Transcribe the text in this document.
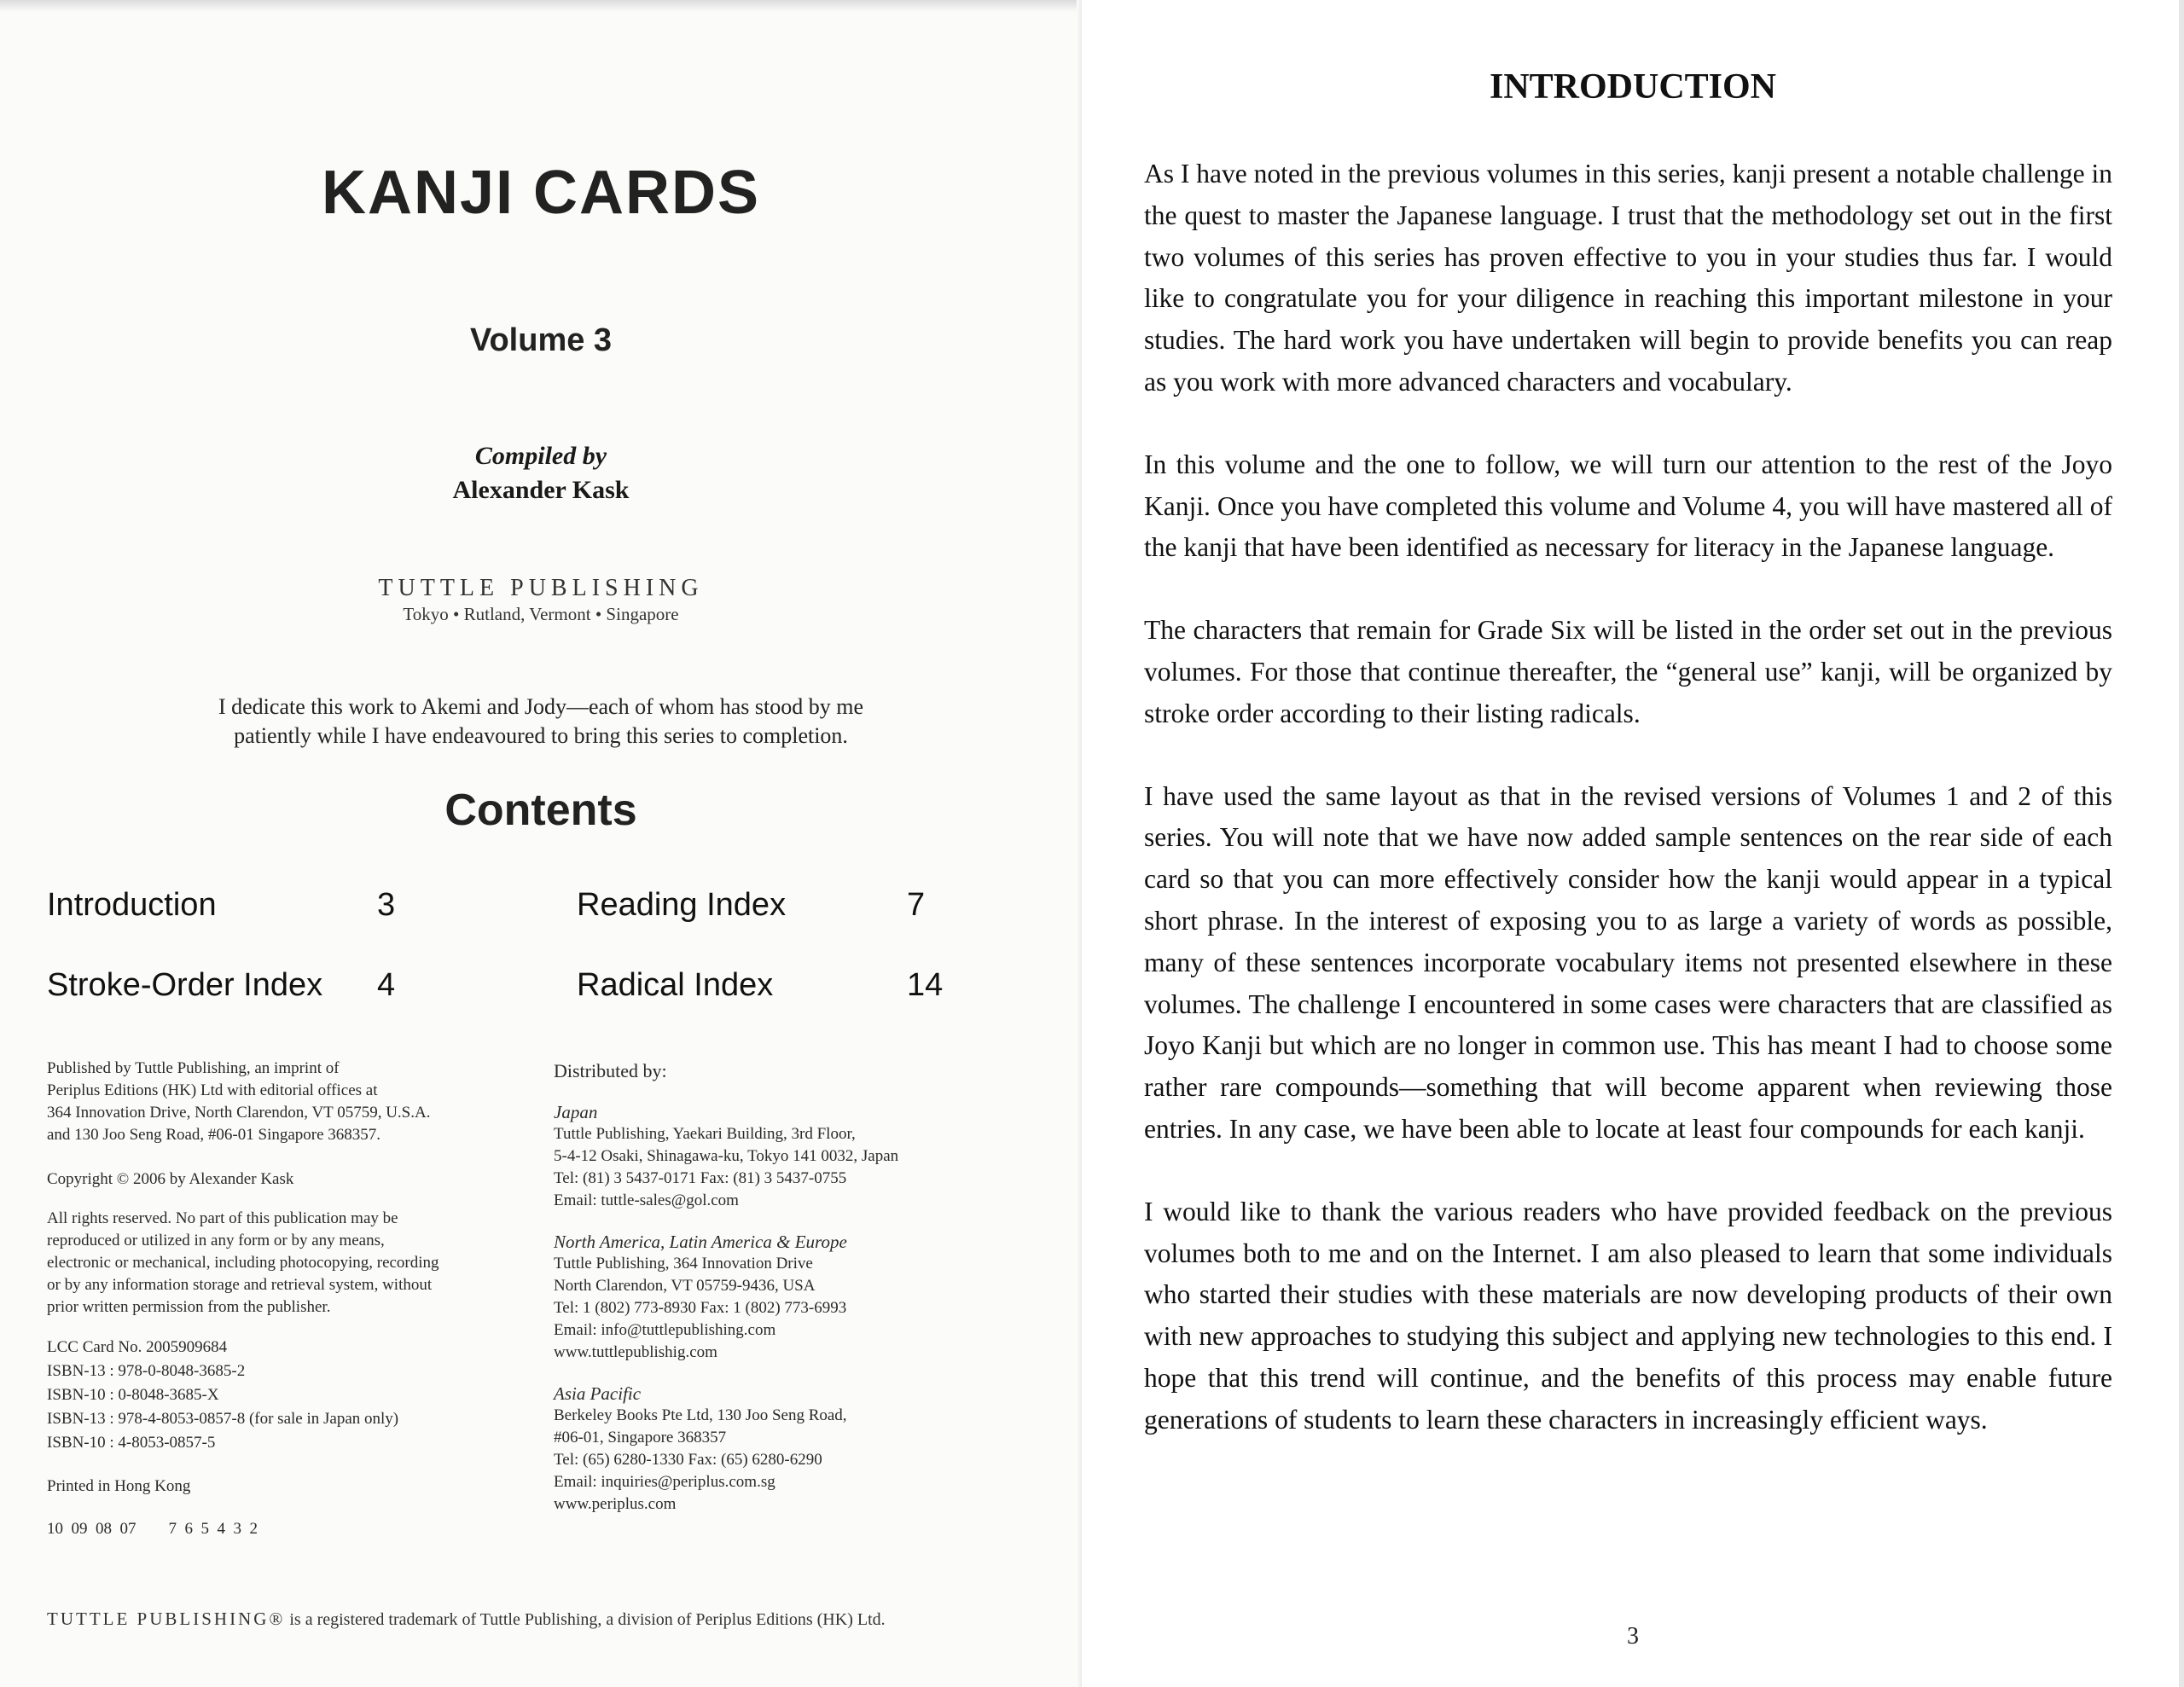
KANJI CARDS
Volume 3
Compiled by
Alexander Kask
TUTTLE PUBLISHING
Tokyo • Rutland, Vermont • Singapore
I dedicate this work to Akemi and Jody—each of whom has stood by me
patiently while I have endeavoured to bring this series to completion.
Contents
Introduction	3	Reading Index	7
Stroke-Order Index 4	Radical Index	14

Published by Tuttle Publishing, an imprint of

Periplus Editions (HK) Ltd with editorial offices at

364 Innovation Drive, North Clarendon, VT 05759, U.S.A.

and 130 Joo Seng Road, #06-01 Singapore 368357.

Copyright © 2006 by Alexander Kask

All rights reserved. No part of this publication may be

reproduced or utilized in any form or by any means,

electronic or mechanical, including photocopying, recording

or by any information storage and retrieval system, without

prior written permission from the publisher.

LCC Card No. 2005909684

ISBN-13 : 978-0-8048-3685-2

ISBN-10 : 0-8048-3685-X

ISBN-13 : 978-4-8053-0857-8 (for sale in Japan only)

ISBN-10 : 4-8053-0857-5

Printed in Hong Kong

10  09  08  07        7  6  5  4  3  2

Distributed by:

Japan

Tuttle Publishing, Yaekari Building, 3rd Floor,

5-4-12 Osaki, Shinagawa-ku, Tokyo 141 0032, Japan

Tel: (81) 3 5437-0171 Fax: (81) 3 5437-0755

Email: tuttle-sales@gol.com

North America, Latin America & Europe

Tuttle Publishing, 364 Innovation Drive

North Clarendon, VT 05759-9436, USA

Tel: 1 (802) 773-8930 Fax: 1 (802) 773-6993

Email: info@tuttlepublishing.com

www.tuttlepublishig.com

Asia Pacific

Berkeley Books Pte Ltd, 130 Joo Seng Road,

#06-01, Singapore 368357

Tel: (65) 6280-1330 Fax: (65) 6280-6290

Email: inquiries@periplus.com.sg

www.periplus.com

TUTTLE PUBLISHING® is a registered trademark of Tuttle Publishing, a division of Periplus Editions (HK) Ltd.
INTRODUCTION

As I have noted in the previous volumes in this series, kanji present a notable challenge in the quest to master the Japanese language. I trust that the methodology set out in the first two volumes of this series has proven effective to you in your studies thus far. I would like to congratulate you for your diligence in reaching this important milestone in your studies. The hard work you have undertaken will begin to provide benefits you can reap as you work with more advanced characters and vocabulary.

In this volume and the one to follow, we will turn our attention to the rest of the Joyo Kanji. Once you have completed this volume and Volume 4, you will have mastered all of the kanji that have been identified as necessary for literacy in the Japanese language.

The characters that remain for Grade Six will be listed in the order set out in the previous volumes. For those that continue thereafter, the “general use” kanji, will be organized by stroke order according to their listing radicals.

I have used the same layout as that in the revised versions of Volumes 1 and 2 of this series. You will note that we have now added sample sentences on the rear side of each card so that you can more effectively consider how the kanji would appear in a typical short phrase. In the interest of exposing you to as large a variety of words as possible, many of these sentences incorporate vocabulary items not presented elsewhere in these volumes. The challenge I encountered in some cases were characters that are classified as Joyo Kanji but which are no longer in common use. This has meant I had to choose some rather rare compounds—something that will become apparent when reviewing those entries. In any case, we have been able to locate at least four compounds for each kanji.

I would like to thank the various readers who have provided feedback on the previous volumes both to me and on the Internet. I am also pleased to learn that some individuals who started their studies with these materials are now developing products of their own with new approaches to studying this subject and applying new technologies to this end. I hope that this trend will continue, and the benefits of this process may enable future generations of students to learn these characters in increasingly efficient ways.

3
